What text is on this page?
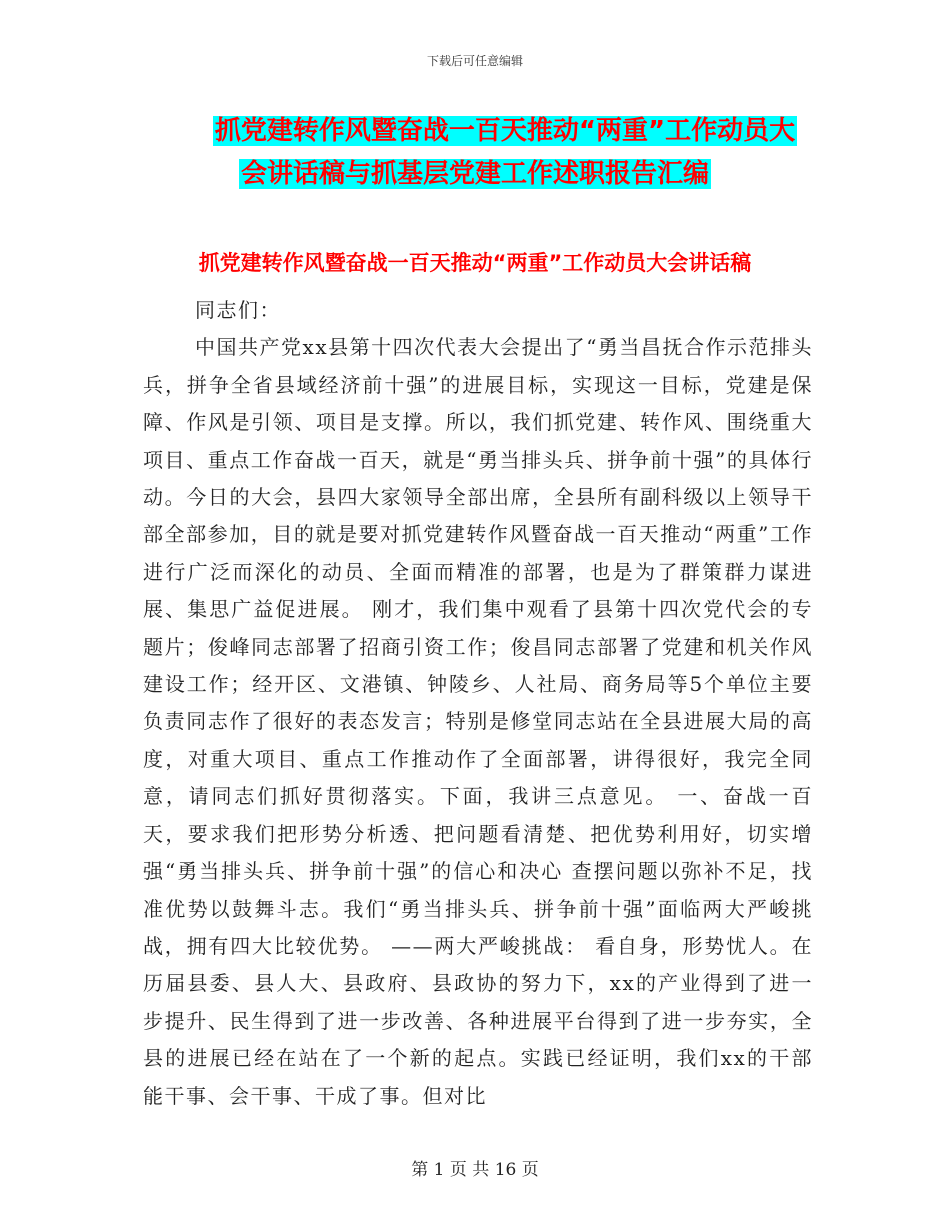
下载后可任意编辑
抓党建转作风暨奋战一百天推动“两重”工作动员大
会讲话稿与抓基层党建工作述职报告汇编
抓党建转作风暨奋战一百天推动“两重”工作动员大会讲话稿

同志们：

中国共产党xx县第十四次代表大会提出了“勇当昌抚合作示范排头兵，拼争全省县域经济前十强”的进展目标，实现这一目标，党建是保障、作风是引领、项目是支撑。所以，我们抓党建、转作风、围绕重大项目、重点工作奋战一百天，就是“勇当排头兵、拼争前十强”的具体行动。今日的大会，县四大家领导全部出席，全县所有副科级以上领导干部全部参加，目的就是要对抓党建转作风暨奋战一百天推动“两重”工作进行广泛而深化的动员、全面而精准的部署，也是为了群策群力谋进展、集思广益促进展。 刚才，我们集中观看了县第十四次党代会的专题片；俊峰同志部署了招商引资工作；俊昌同志部署了党建和机关作风建设工作；经开区、文港镇、钟陵乡、人社局、商务局等5个单位主要负责同志作了很好的表态发言；特别是修堂同志站在全县进展大局的高度，对重大项目、重点工作推动作了全面部署，讲得很好，我完全同意，请同志们抓好贯彻落实。下面，我讲三点意见。 一、奋战一百天，要求我们把形势分析透、把问题看清楚、把优势利用好，切实增强“勇当排头兵、拼争前十强”的信心和决心 查摆问题以弥补不足，找准优势以鼓舞斗志。我们“勇当排头兵、拼争前十强”面临两大严峻挑战，拥有四大比较优势。 ——两大严峻挑战： 看自身，形势忧人。在历届县委、县人大、县政府、县政协的努力下，xx的产业得到了进一步提升、民生得到了进一步改善、各种进展平台得到了进一步夯实，全县的进展已经在站在了一个新的起点。实践已经证明，我们xx的干部能干事、会干事、干成了事。但对比

第 1 页 共 16 页
